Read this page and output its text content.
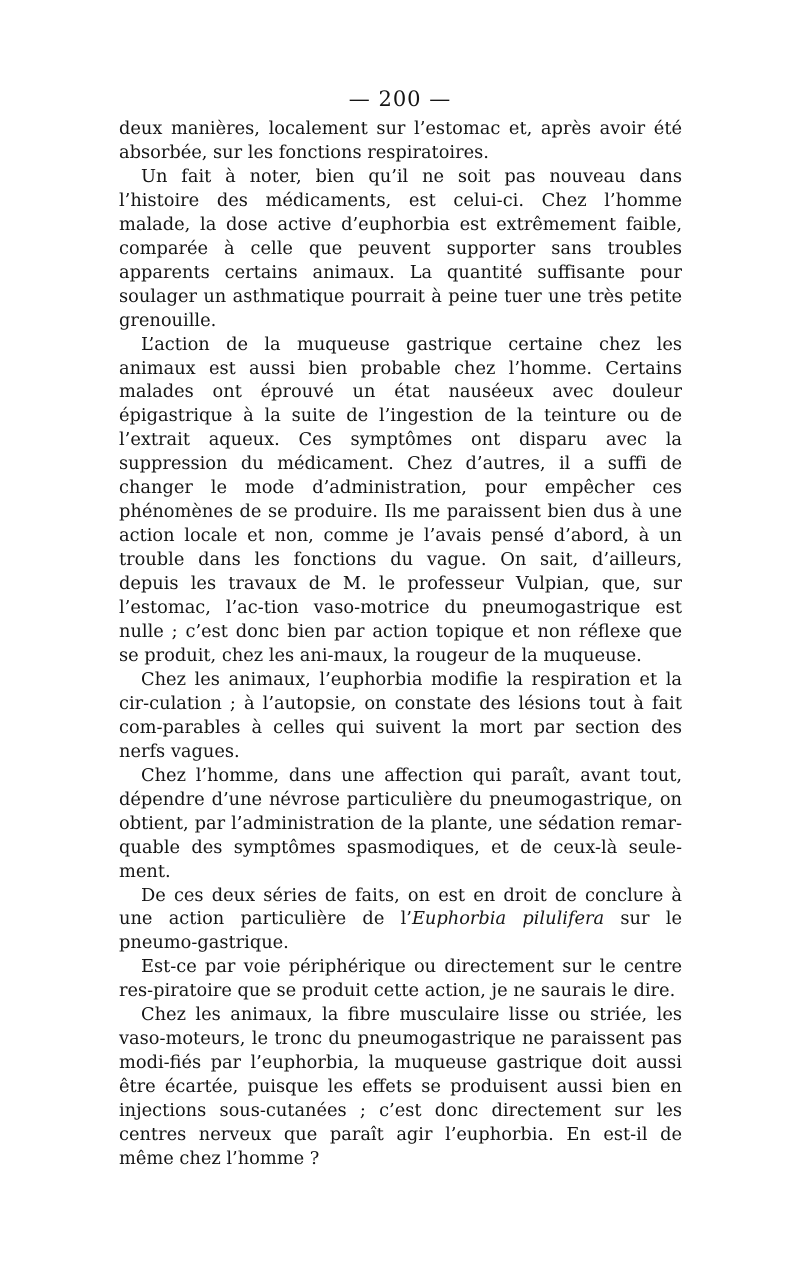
— 200 —

deux manières, localement sur l’estomac et, après avoir été absorbée, sur les fonctions respiratoires.

Un fait à noter, bien qu’il ne soit pas nouveau dans l’histoire des médicaments, est celui-ci. Chez l’homme malade, la dose active d’euphorbia est extrêmement faible, comparée à celle que peuvent supporter sans troubles apparents certains animaux. La quantité suffisante pour soulager un asthmatique pourrait à peine tuer une très petite grenouille.

L’action de la muqueuse gastrique certaine chez les animaux est aussi bien probable chez l’homme. Certains malades ont éprouvé un état nauséeux avec douleur épigastrique à la suite de l’ingestion de la teinture ou de l’extrait aqueux. Ces symptômes ont disparu avec la suppression du médicament. Chez d’autres, il a suffi de changer le mode d’administration, pour empêcher ces phénomènes de se produire. Ils me paraissent bien dus à une action locale et non, comme je l’avais pensé d’abord, à un trouble dans les fonctions du vague. On sait, d’ailleurs, depuis les travaux de M. le professeur Vulpian, que, sur l’estomac, l’ac-tion vaso-motrice du pneumogastrique est nulle ; c’est donc bien par action topique et non réflexe que se produit, chez les ani-maux, la rougeur de la muqueuse.

Chez les animaux, l’euphorbia modifie la respiration et la cir-culation ; à l’autopsie, on constate des lésions tout à fait com-parables à celles qui suivent la mort par section des nerfs vagues.

Chez l’homme, dans une affection qui paraît, avant tout, dépendre d’une névrose particulière du pneumogastrique, on obtient, par l’administration de la plante, une sédation remar-quable des symptômes spasmodiques, et de ceux-là seule-ment.

De ces deux séries de faits, on est en droit de conclure à une action particulière de l’Euphorbia pilulifera sur le pneumo-gastrique.

Est-ce par voie périphérique ou directement sur le centre res-piratoire que se produit cette action, je ne saurais le dire.

Chez les animaux, la fibre musculaire lisse ou striée, les vaso-moteurs, le tronc du pneumogastrique ne paraissent pas modi-fiés par l’euphorbia, la muqueuse gastrique doit aussi être écartée, puisque les effets se produisent aussi bien en injections sous-cutanées ; c’est donc directement sur les centres nerveux que paraît agir l’euphorbia. En est-il de même chez l’homme ?
